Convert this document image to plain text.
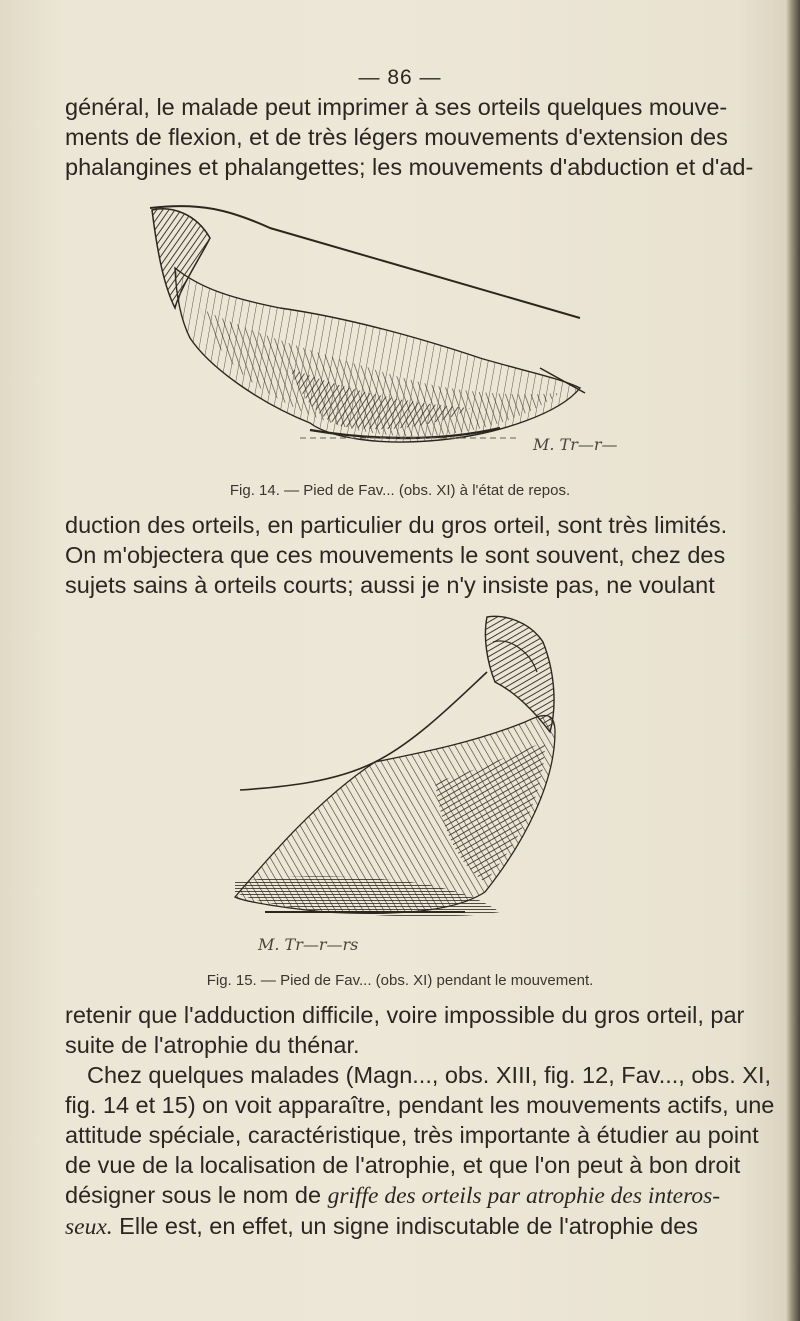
— 86 —

général, le malade peut imprimer à ses orteils quelques mouve-
ments de flexion, et de très légers mouvements d'extension des
phalangines et phalangettes; les mouvements d'abduction et d'ad-

M. Tr—r—
Fig. 14. — Pied de Fav... (obs. XI) à l'état de repos.

duction des orteils, en particulier du gros orteil, sont très limités.
On m'objectera que ces mouvements le sont souvent, chez des
sujets sains à orteils courts; aussi je n'y insiste pas, ne voulant

M. Tr—r—rs
Fig. 15. — Pied de Fav... (obs. XI) pendant le mouvement.

retenir que l'adduction difficile, voire impossible du gros orteil, par
suite de l'atrophie du thénar.
Chez quelques malades (Magn..., obs. XIII, fig. 12, Fav..., obs. XI,
fig. 14 et 15) on voit apparaître, pendant les mouvements actifs, une
attitude spéciale, caractéristique, très importante à étudier au point
de vue de la localisation de l'atrophie, et que l'on peut à bon droit
désigner sous le nom de griffe des orteils par atrophie des interos-
seux. Elle est, en effet, un signe indiscutable de l'atrophie des
